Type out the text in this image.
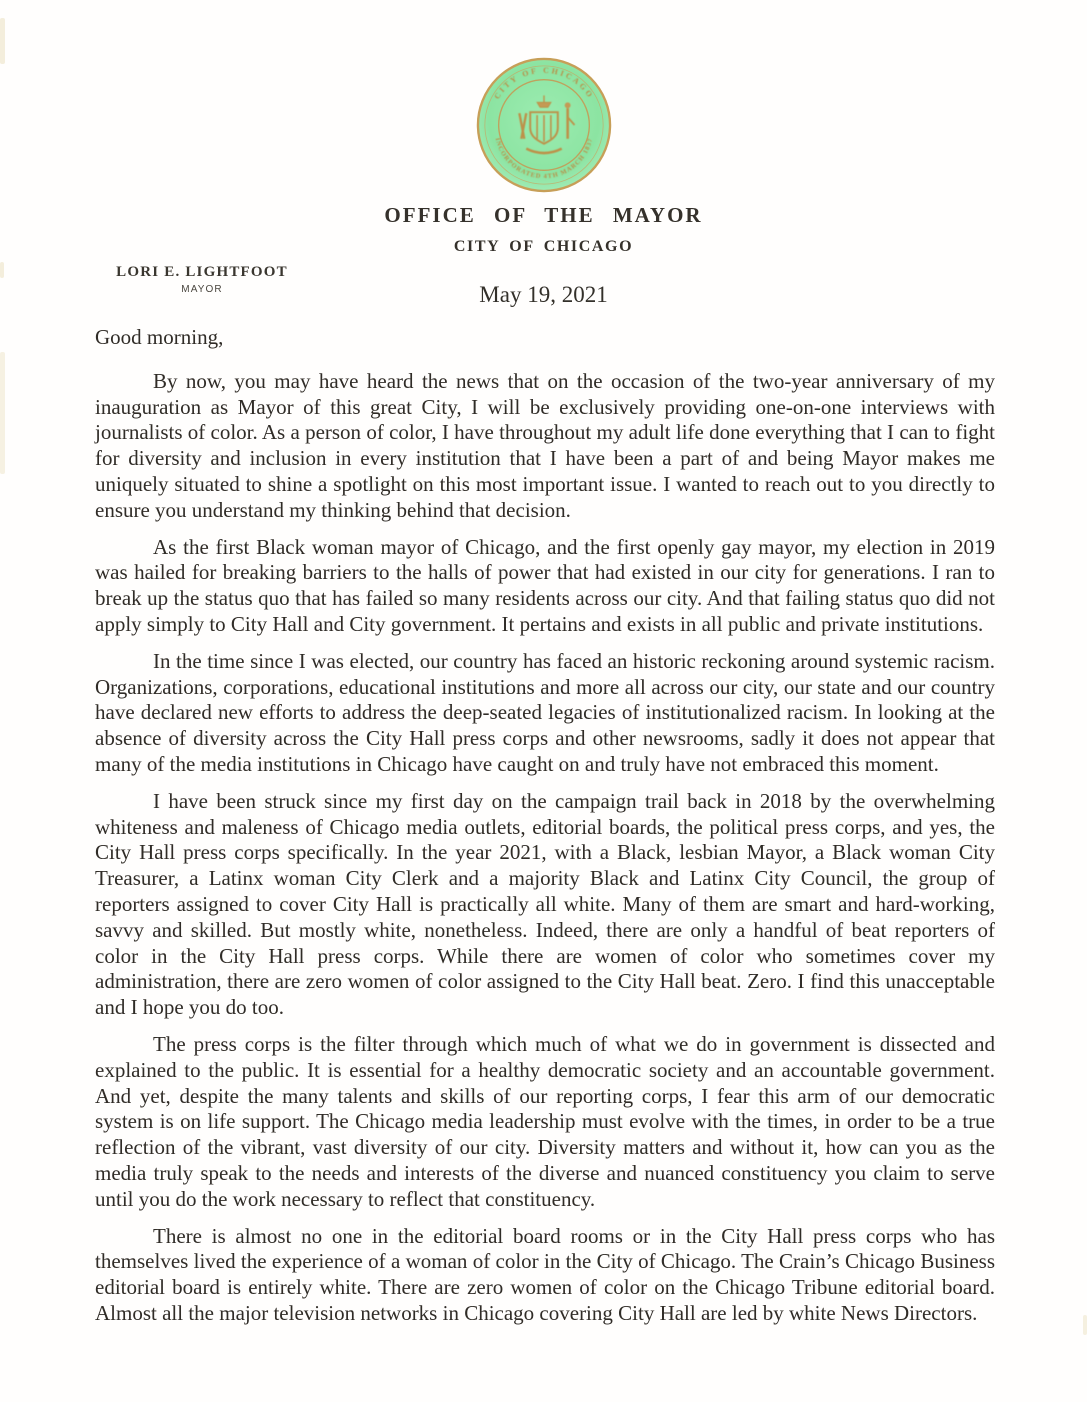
CITY OF CHICAGO
INCORPORATED 4TH MARCH 1837
OFFICE OF THE MAYOR
CITY OF CHICAGO
LORI E. LIGHTFOOT
MAYOR	May 19, 2021

Good morning,

By now, you may have heard the news that on the occasion of the two-year anniversary of my inauguration as Mayor of this great City, I will be exclusively providing one-on-one interviews with journalists of color. As a person of color, I have throughout my adult life done everything that I can to fight for diversity and inclusion in every institution that I have been a part of and being Mayor makes me uniquely situated to shine a spotlight on this most important issue. I wanted to reach out to you directly to ensure you understand my thinking behind that decision.

As the first Black woman mayor of Chicago, and the first openly gay mayor, my election in 2019 was hailed for breaking barriers to the halls of power that had existed in our city for generations. I ran to break up the status quo that has failed so many residents across our city. And that failing status quo did not apply simply to City Hall and City government. It pertains and exists in all public and private institutions.

In the time since I was elected, our country has faced an historic reckoning around systemic racism. Organizations, corporations, educational institutions and more all across our city, our state and our country have declared new efforts to address the deep-seated legacies of institutionalized racism. In looking at the absence of diversity across the City Hall press corps and other newsrooms, sadly it does not appear that many of the media institutions in Chicago have caught on and truly have not embraced this moment.

I have been struck since my first day on the campaign trail back in 2018 by the overwhelming whiteness and maleness of Chicago media outlets, editorial boards, the political press corps, and yes, the City Hall press corps specifically. In the year 2021, with a Black, lesbian Mayor, a Black woman City Treasurer, a Latinx woman City Clerk and a majority Black and Latinx City Council, the group of reporters assigned to cover City Hall is practically all white. Many of them are smart and hard-working, savvy and skilled. But mostly white, nonetheless. Indeed, there are only a handful of beat reporters of color in the City Hall press corps. While there are women of color who sometimes cover my administration, there are zero women of color assigned to the City Hall beat. Zero. I find this unacceptable and I hope you do too.

The press corps is the filter through which much of what we do in government is dissected and explained to the public. It is essential for a healthy democratic society and an accountable government. And yet, despite the many talents and skills of our reporting corps, I fear this arm of our democratic system is on life support. The Chicago media leadership must evolve with the times, in order to be a true reflection of the vibrant, vast diversity of our city. Diversity matters and without it, how can you as the media truly speak to the needs and interests of the diverse and nuanced constituency you claim to serve until you do the work necessary to reflect that constituency.

There is almost no one in the editorial board rooms or in the City Hall press corps who has themselves lived the experience of a woman of color in the City of Chicago. The Crain’s Chicago Business editorial board is entirely white. There are zero women of color on the Chicago Tribune editorial board. Almost all the major television networks in Chicago covering City Hall are led by white News Directors.
